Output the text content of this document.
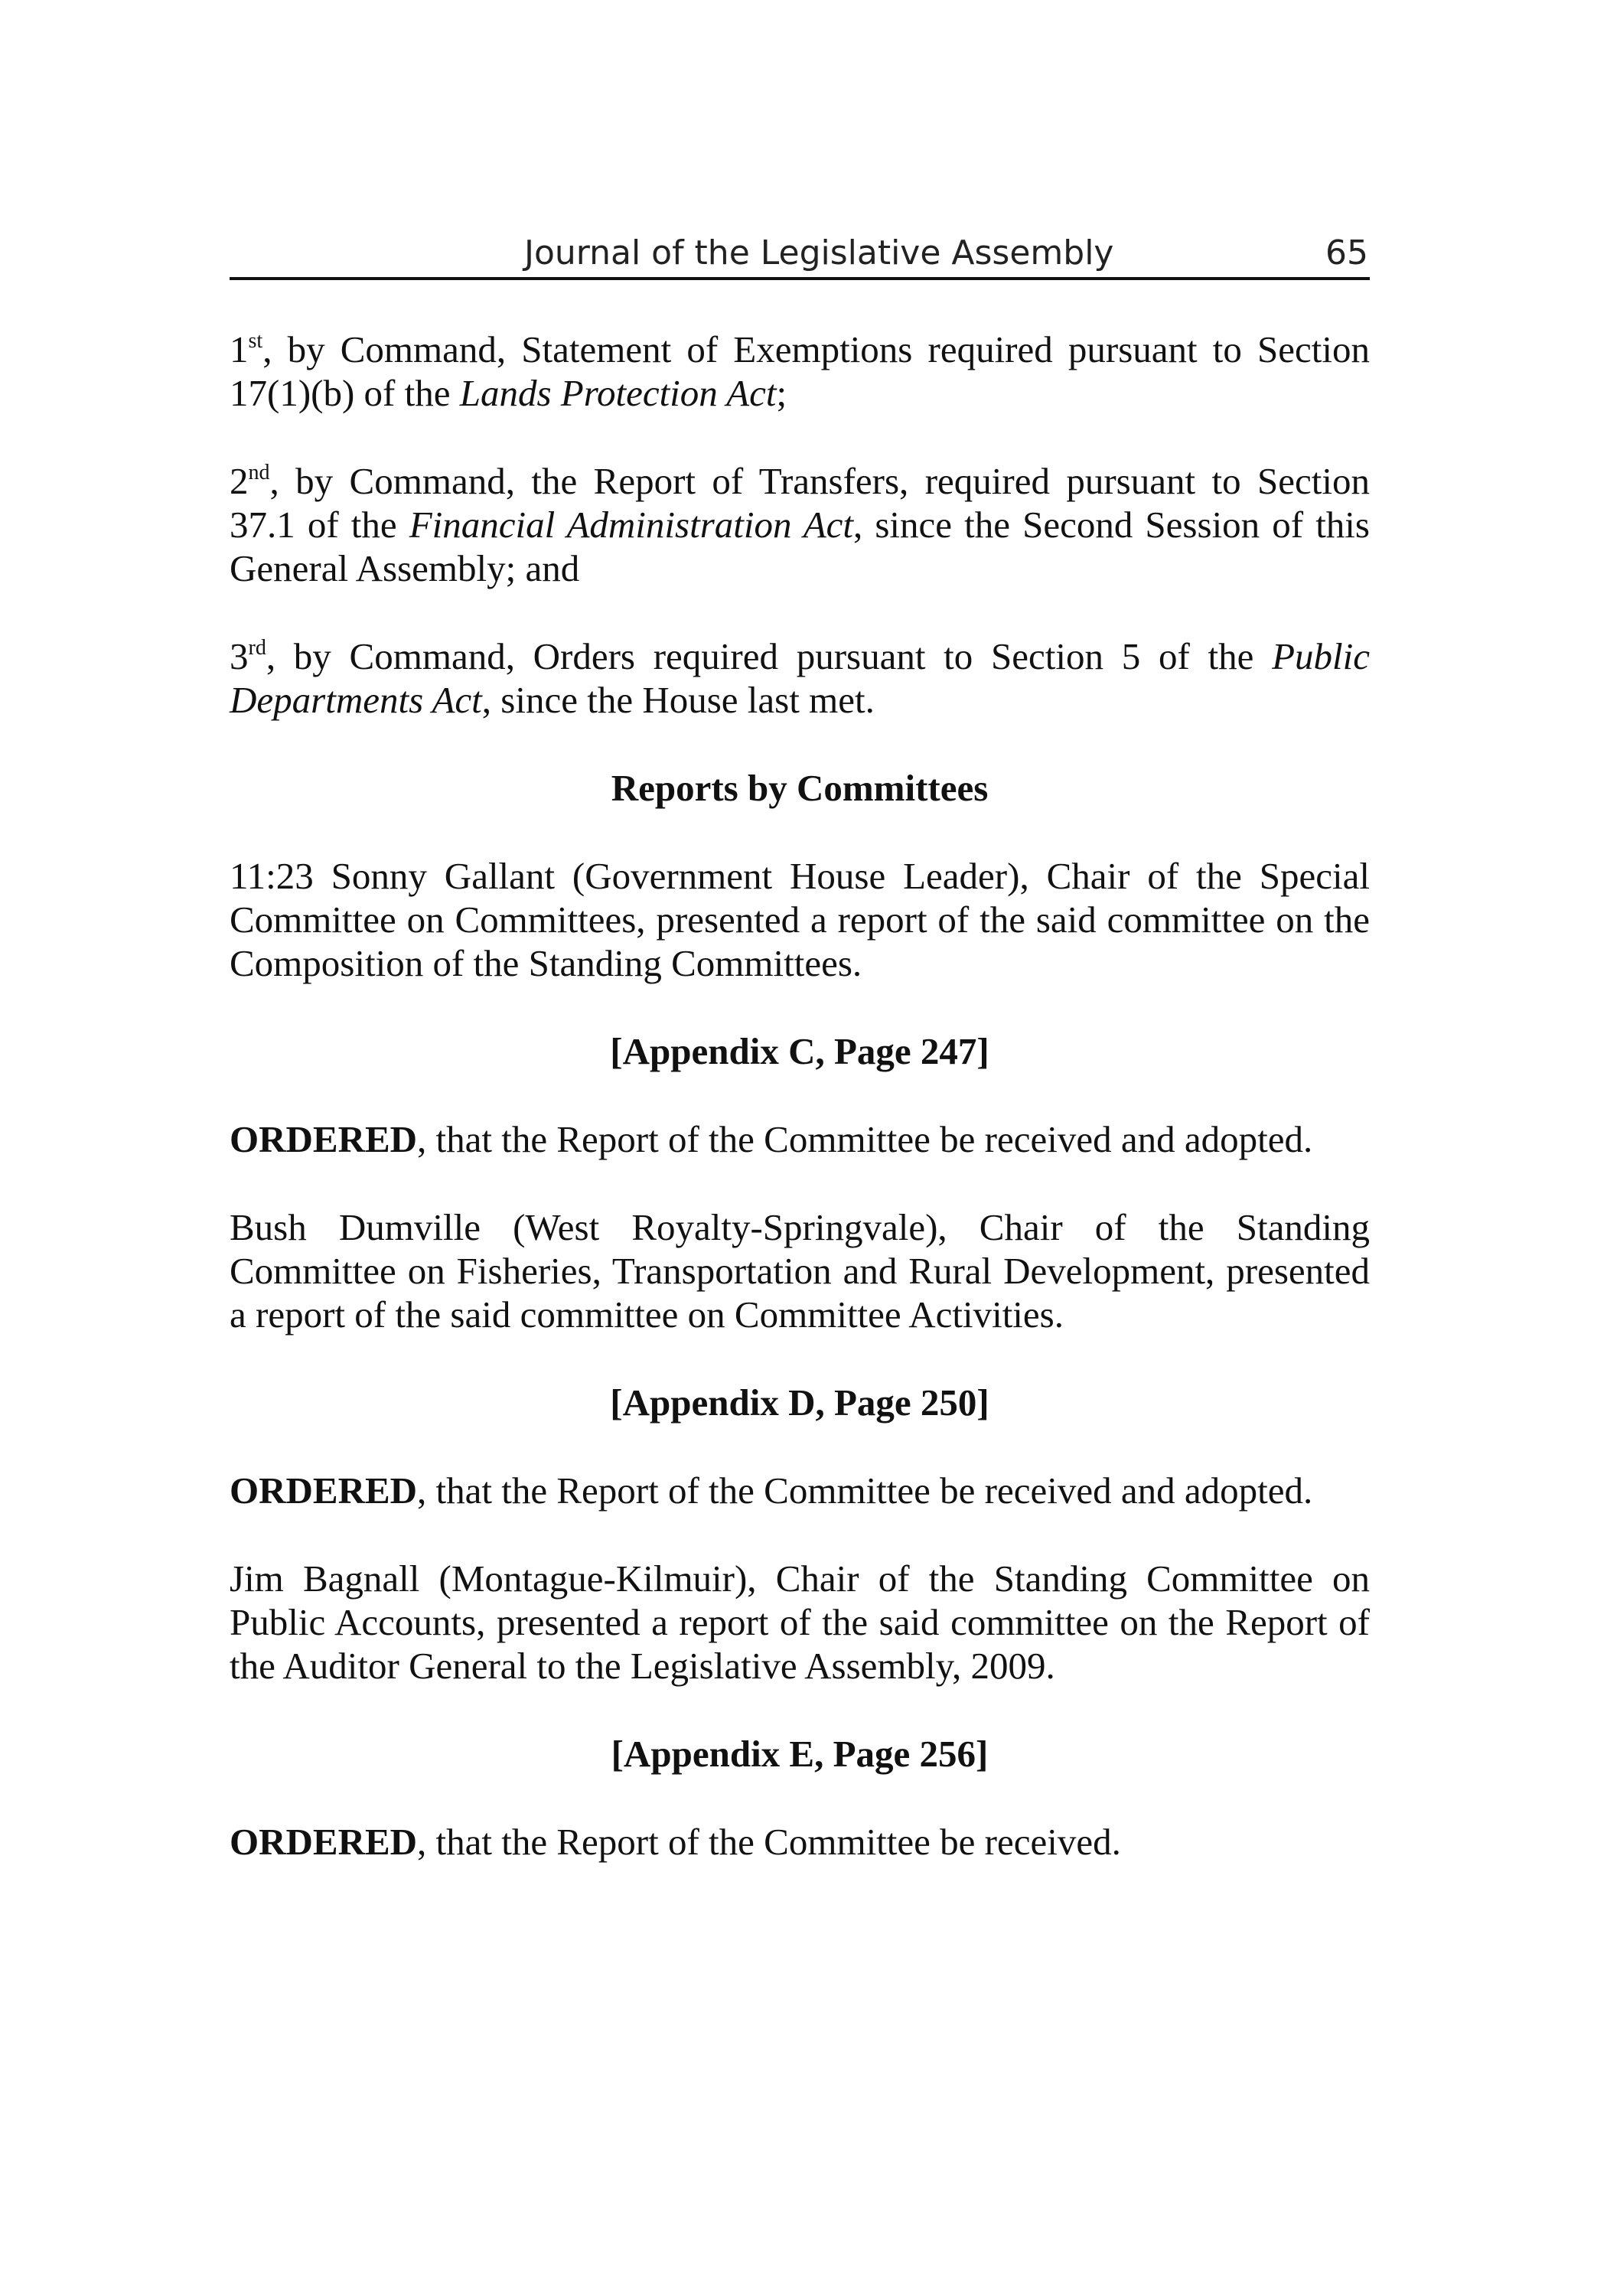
Journal of the Legislative Assembly	65

1st, by Command, Statement of Exemptions required pursuant to Section 17(1)(b) of the Lands Protection Act;

2nd, by Command, the Report of Transfers, required pursuant to Section 37.1 of the Financial Administration Act, since the Second Session of this General Assembly; and

3rd, by Command, Orders required pursuant to Section 5 of the Public Departments Act, since the House last met.

Reports by Committees

11:23 Sonny Gallant (Government House Leader), Chair of the Special Committee on Committees, presented a report of the said committee on the Composition of the Standing Committees.

[Appendix C, Page 247]

ORDERED, that the Report of the Committee be received and adopted.

Bush Dumville (West Royalty-Springvale), Chair of the Standing Committee on Fisheries, Transportation and Rural Development, presented a report of the said committee on Committee Activities.

[Appendix D, Page 250]

ORDERED, that the Report of the Committee be received and adopted.

Jim Bagnall (Montague-Kilmuir), Chair of the Standing Committee on Public Accounts, presented a report of the said committee on the Report of the Auditor General to the Legislative Assembly, 2009.

[Appendix E, Page 256]

ORDERED, that the Report of the Committee be received.
